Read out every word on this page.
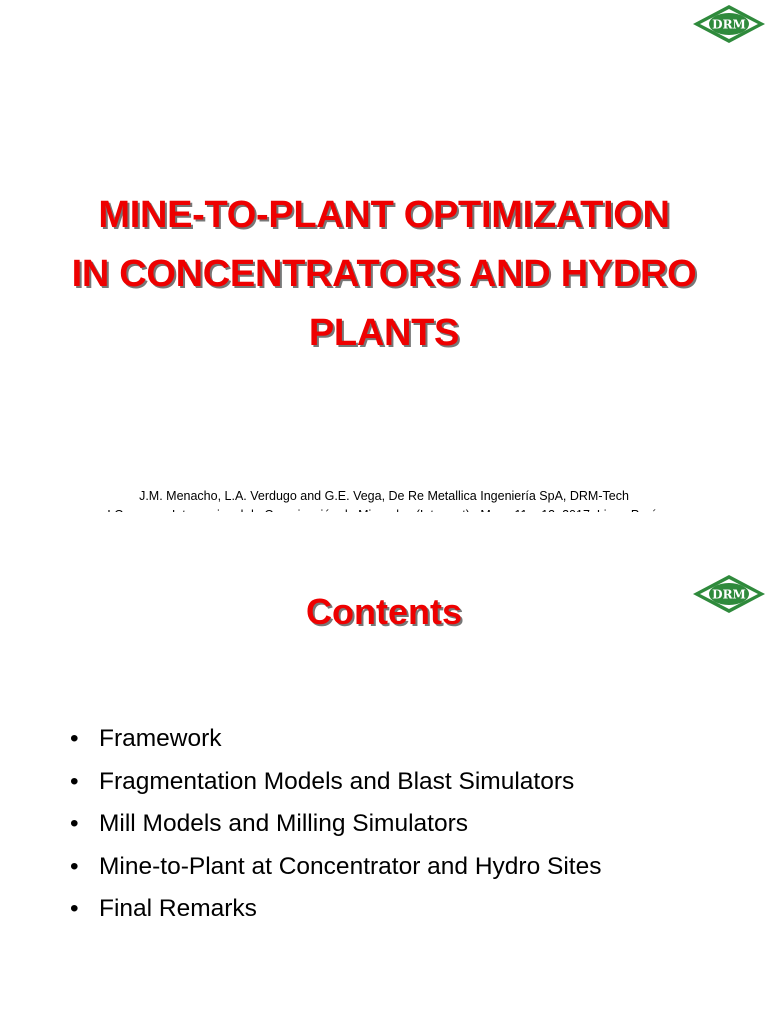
DRM
MINE-TO-PLANT OPTIMIZATION
IN CONCENTRATORS AND HYDRO
PLANTS
J.M. Menacho, L.A. Verdugo and G.E. Vega, De Re Metallica Ingeniería SpA, DRM-Tech
DRM
Contents
• Framework
• Fragmentation Models and Blast Simulators
• Mill Models and Milling Simulators
• Mine-to-Plant at Concentrator and Hydro Sites
• Final Remarks
